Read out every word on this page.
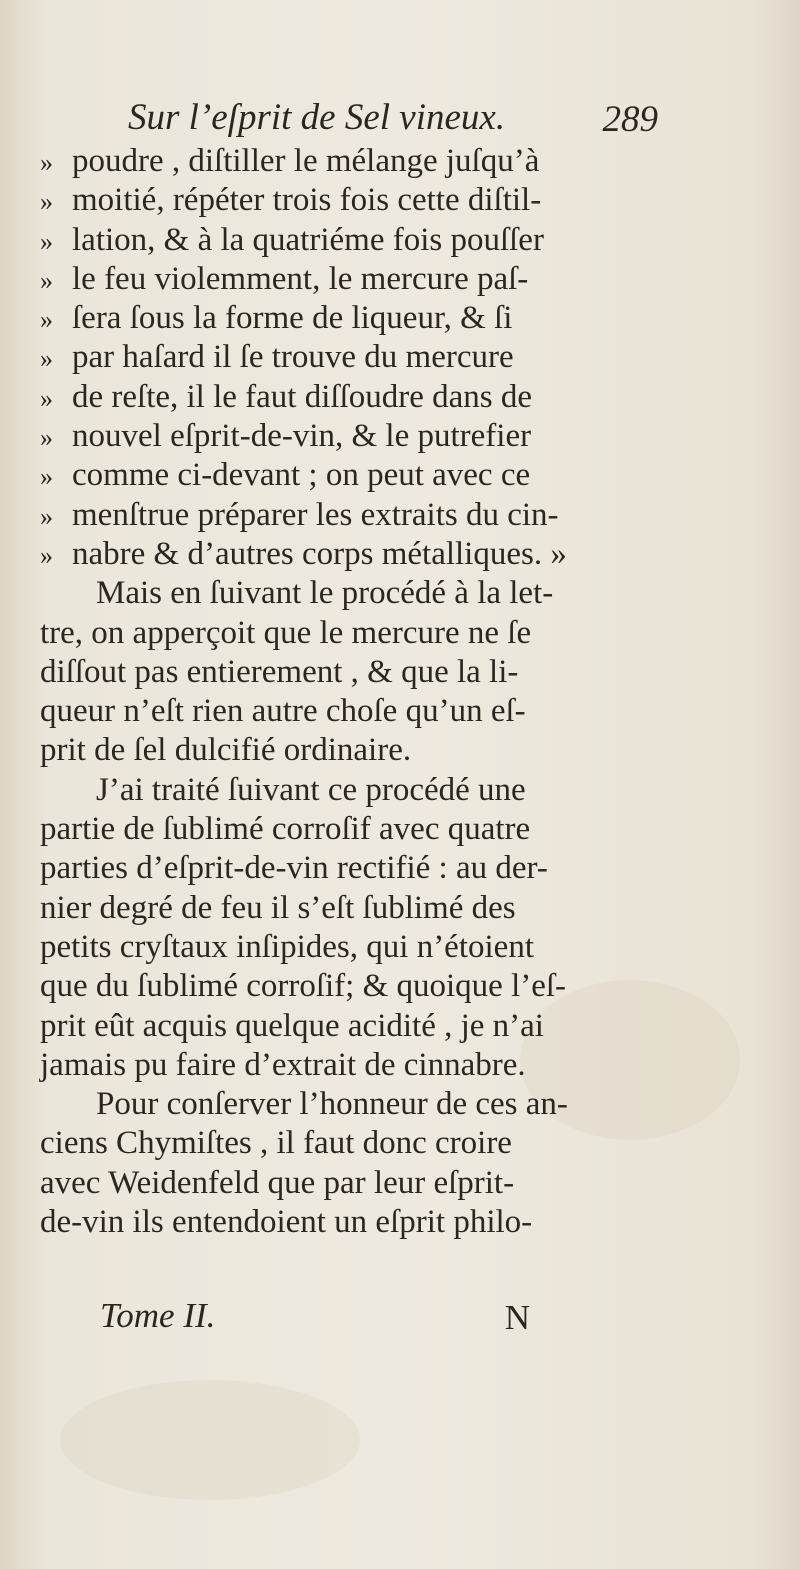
Sur l’eſprit de Sel vineux.	289
» poudre , diſtiller le mélange juſqu’à
» moitié, répéter trois fois cette diſtil-
» lation, & à la quatriéme fois pouſſer
» le feu violemment, le mercure paſ-
» ſera ſous la forme de liqueur, & ſi
» par haſard il ſe trouve du mercure
» de reſte, il le faut diſſoudre dans de
» nouvel eſprit-de-vin, & le putrefier
» comme ci-devant ; on peut avec ce
» menſtrue préparer les extraits du cin-
» nabre & d’autres corps métalliques. »
Mais en ſuivant le procédé à la let-
tre, on apperçoit que le mercure ne ſe
diſſout pas entierement , & que la li-
queur n’eſt rien autre choſe qu’un eſ-
prit de ſel dulcifié ordinaire.
J’ai traité ſuivant ce procédé une
partie de ſublimé corroſif avec quatre
parties d’eſprit-de-vin rectifié : au der-
nier degré de feu il s’eſt ſublimé des
petits cryſtaux inſipides, qui n’étoient
que du ſublimé corroſif; & quoique l’eſ-
prit eût acquis quelque acidité , je n’ai
jamais pu faire d’extrait de cinnabre.
Pour conſerver l’honneur de ces an-
ciens Chymiſtes , il faut donc croire
avec Weidenfeld que par leur eſprit-
de-vin ils entendoient un eſprit philo-
Tome II.	N
